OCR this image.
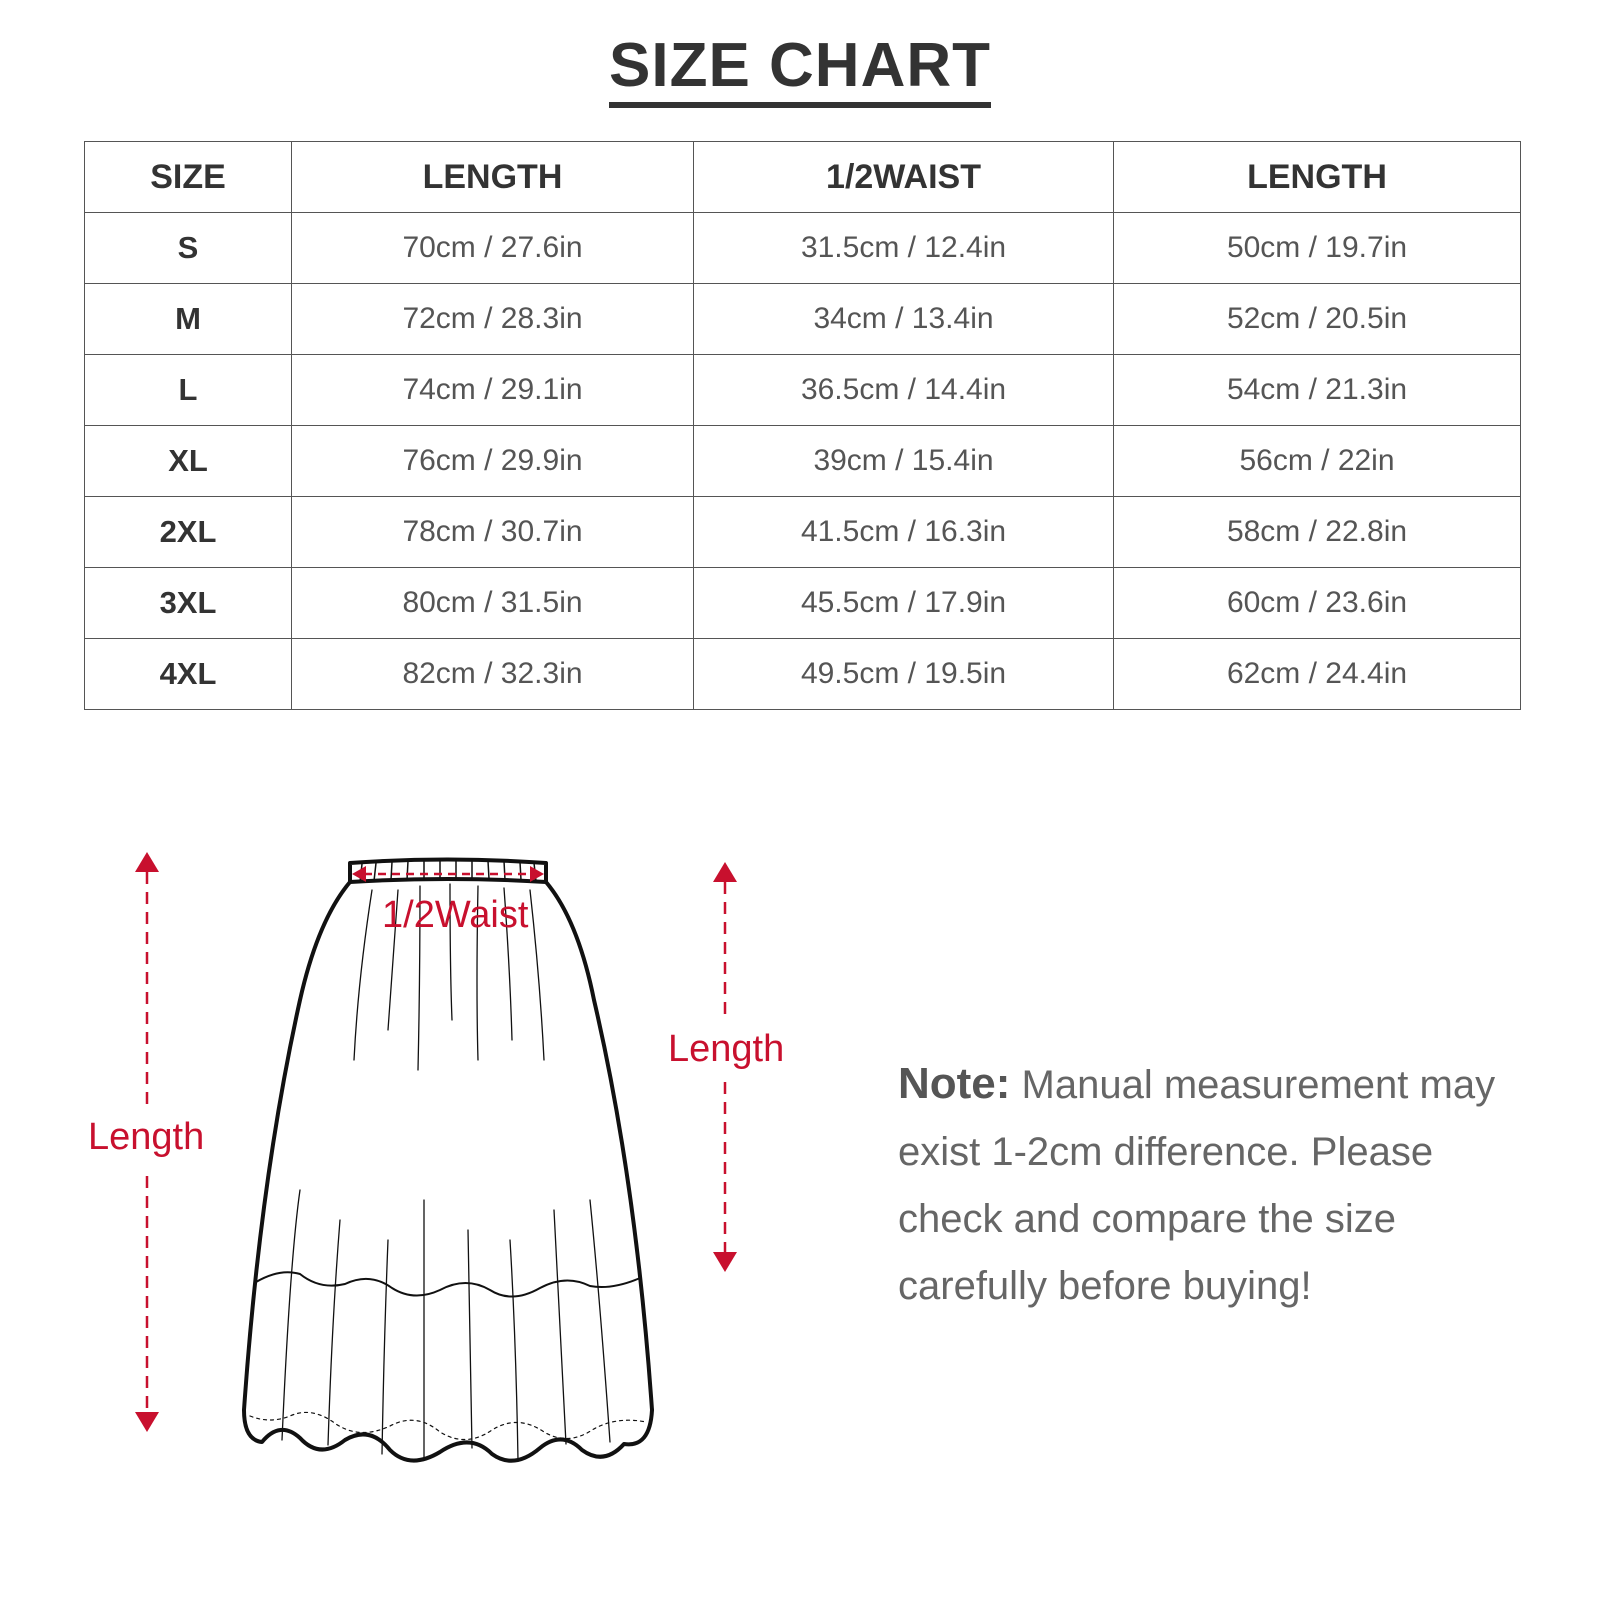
SIZE CHART
SIZE	LENGTH	1/2WAIST	LENGTH
S	70cm / 27.6in	31.5cm / 12.4in	50cm / 19.7in
M	72cm / 28.3in	34cm / 13.4in	52cm / 20.5in
L	74cm / 29.1in	36.5cm / 14.4in	54cm / 21.3in
XL	76cm / 29.9in	39cm / 15.4in	56cm / 22in
2XL	78cm / 30.7in	41.5cm / 16.3in	58cm / 22.8in
3XL	80cm / 31.5in	45.5cm / 17.9in	60cm / 23.6in
4XL	82cm / 32.3in	49.5cm / 19.5in	62cm / 24.4in
1/2Waist
Length
Length
Note: Manual measurement may exist 1-2cm difference. Please check and compare the size carefully before buying!
